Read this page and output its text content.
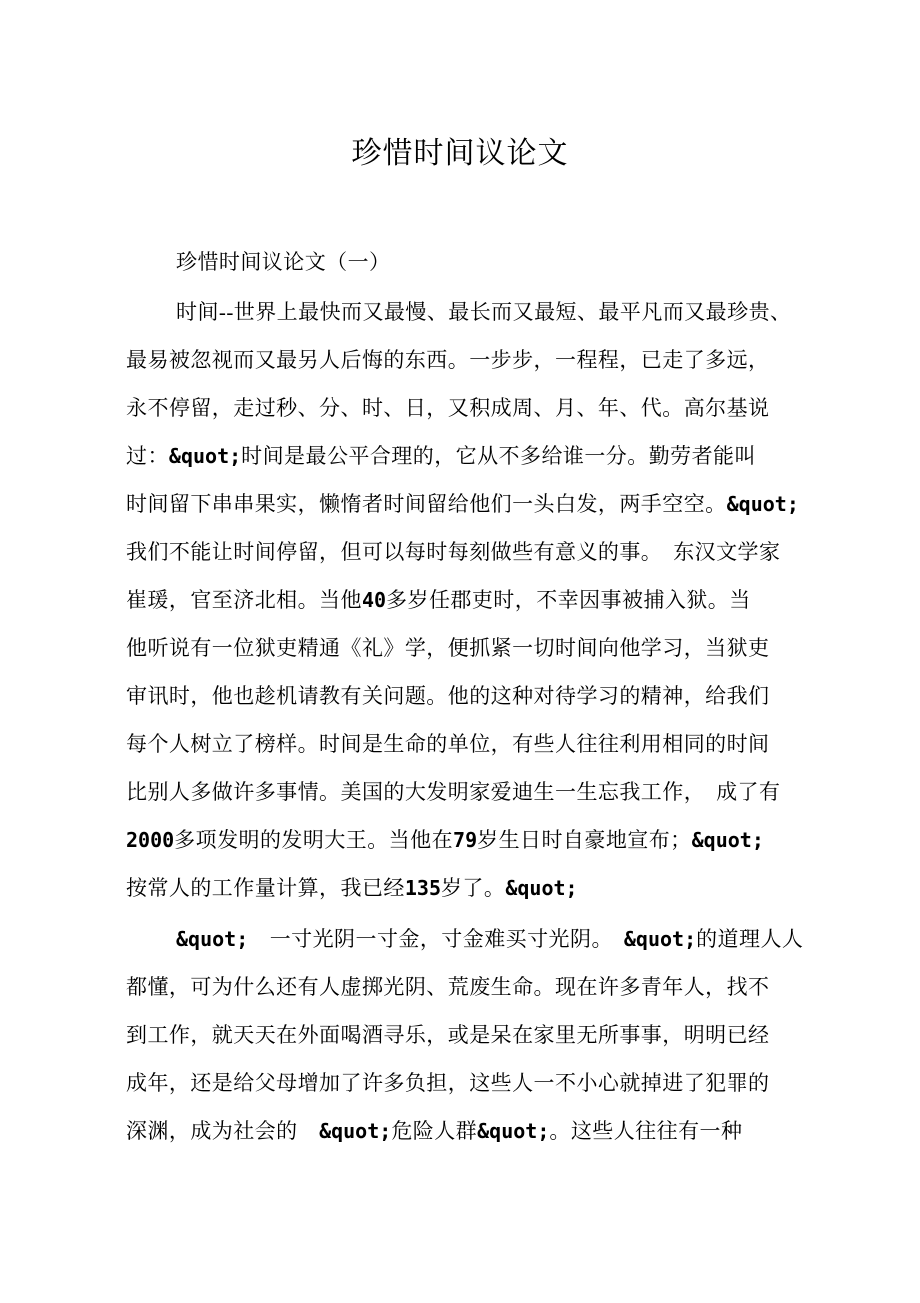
珍惜时间议论文
珍惜时间议论文（一）
时间--世界上最快而又最慢、最长而又最短、最平凡而又最珍贵、
最易被忽视而又最另人后悔的东西。一步步，一程程，已走了多远，
永不停留，走过秒、分、时、日，又积成周、月、年、代。高尔基说
过：&quot;时间是最公平合理的，它从不多给谁一分。勤劳者能叫
时间留下串串果实，懒惰者时间留给他们一头白发，两手空空。&quot;
我们不能让时间停留，但可以每时每刻做些有意义的事。　东汉文学家
崔瑗，官至济北相。当他40多岁任郡吏时，不幸因事被捕入狱。当
他听说有一位狱吏精通《礼》学，便抓紧一切时间向他学习，当狱吏
审讯时，他也趁机请教有关问题。他的这种对待学习的精神，给我们
每个人树立了榜样。时间是生命的单位，有些人往往利用相同的时间
比别人多做许多事情。美国的大发明家爱迪生一生忘我工作，　成了有
2000多项发明的发明大王。当他在79岁生日时自豪地宣布；&quot;
按常人的工作量计算，我已经135岁了。&quot;
&quot;　一寸光阴一寸金，寸金难买寸光阴。　&quot;的道理人人
都懂，可为什么还有人虚掷光阴、荒废生命。现在许多青年人，找不
到工作，就天天在外面喝酒寻乐，或是呆在家里无所事事，明明已经
成年，还是给父母增加了许多负担，这些人一不小心就掉进了犯罪的
深渊，成为社会的　&quot;危险人群&quot;。这些人往往有一种
